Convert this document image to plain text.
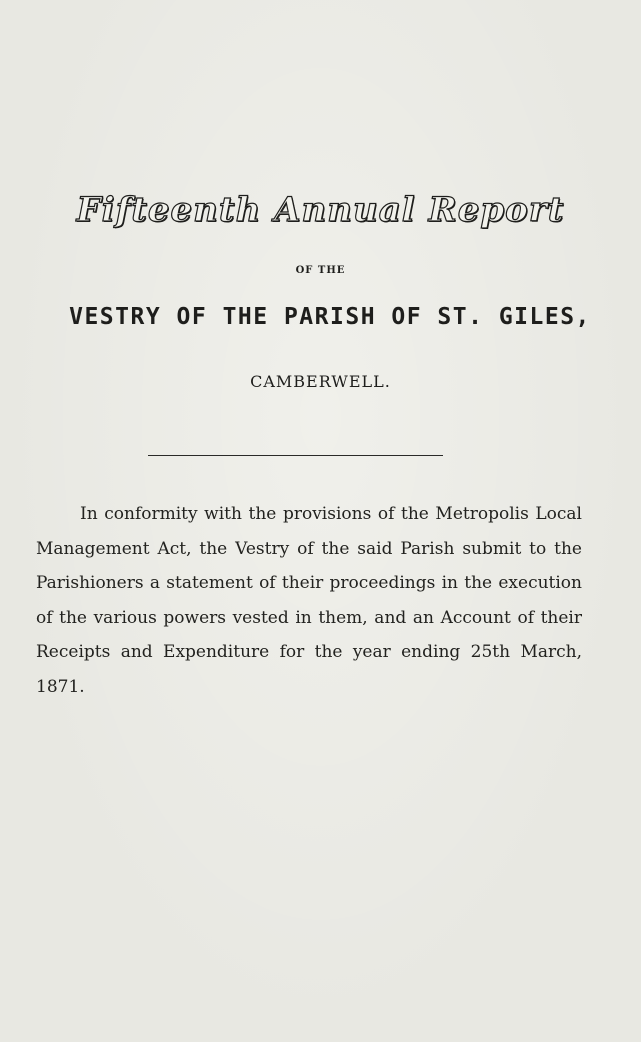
Fifteenth Annual Report
OF THE
VESTRY OF THE PARISH OF ST. GILES,
CAMBERWELL.
In conformity with the provisions of the Metropolis Local Management Act, the Vestry of the said Parish submit to the Parishioners a statement of their proceedings in the execution of the various powers vested in them, and an Account of their Receipts and Expenditure for the year ending 25th March, 1871.
